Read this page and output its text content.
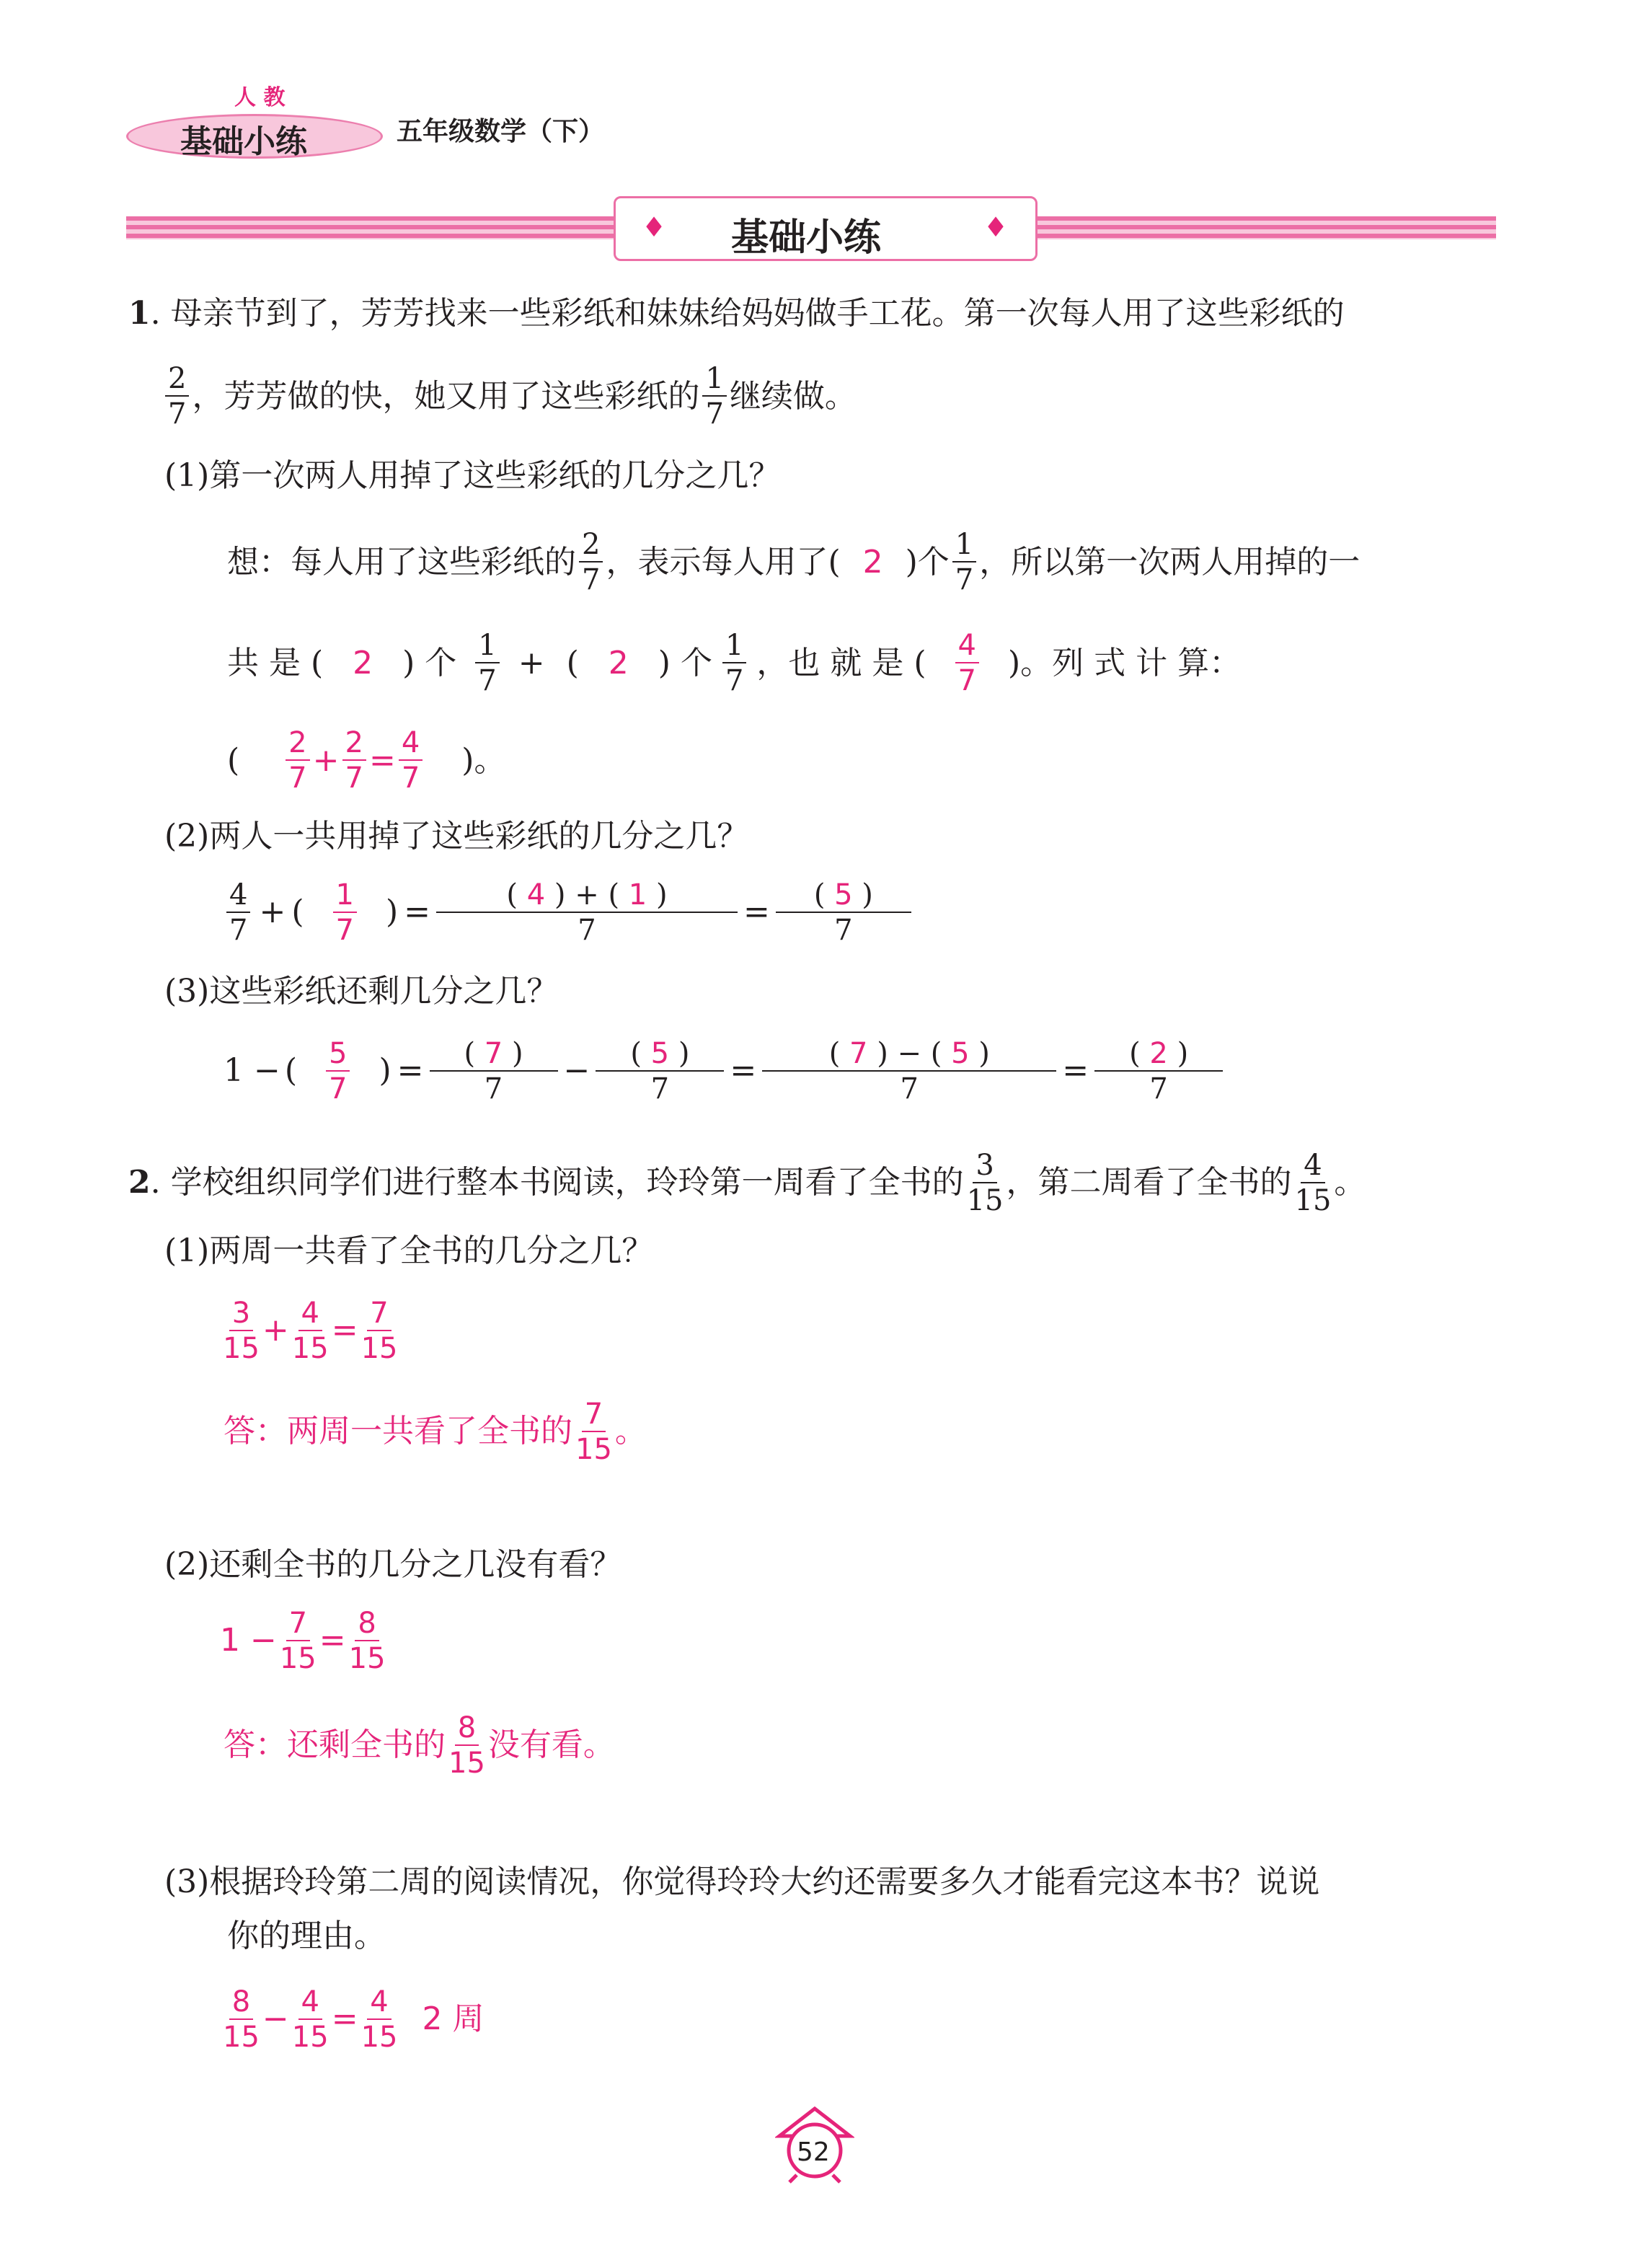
人 教
基础小练	五年级数学（下）
♦ 基础小练	♦
1 . 母亲节到了，芳芳找来一些彩纸和妹妹给妈妈做手工花。第一次每人用了这些彩纸的
$\frac{2}{7}$ ，芳芳做的快，她又用了这些彩纸的 $\frac{1}{7}$ 继续做。
(1)第一次两人用掉了这些彩纸的几分之几？
想：每人用了这些彩纸的 $\frac{2}{7}$ ，表示每人用了( 2 )个 $\frac{1}{7}$ ，所以第一次两人用掉的一
共 是 ( 2 ) 个 $\frac{1}{7}$ + ( 2 ) 个 $\frac{1}{7}$ ，也 就 是 ( $\frac{4}{7}$ )。列 式 计 算：
( $\frac{2}{7} + \frac{2}{7} = \frac{4}{7}$ )。
(2)两人一共用掉了这些彩纸的几分之几？
$\frac{4}{7}$ + ( $\frac{1}{7}$ ) = $\frac{( 4 ) + ( 1 )}{7} = \frac{( 5 )}{7}$
(3)这些彩纸还剩几分之几？
1 − ( $\frac{5}{7}$ ) = $\frac{( 7 )}{7} - \frac{( 5 )}{7} = \frac{( 7 ) - ( 5 )}{7} = \frac{( 2 )}{7}$
2 . 学校组织同学们进行整本书阅读，玲玲第一周看了全书的 $\frac{3}{15}$ ，第二周看了全书的 $\frac{4}{15}$ 。
(1)两周一共看了全书的几分之几？
$\frac{3}{15} + \frac{4}{15} = \frac{7}{15}$
答：两周一共看了全书的 $\frac{7}{15}$ 。
(2)还剩全书的几分之几没有看？
$1 - \frac{7}{15} = \frac{8}{15}$
答：还剩全书的 $\frac{8}{15}$ 没有看。
(3)根据玲玲第二周的阅读情况，你觉得玲玲大约还需要多久才能看完这本书？说说
你的理由。
$\frac{8}{15} - \frac{4}{15} = \frac{4}{15} 2$ 周
52
